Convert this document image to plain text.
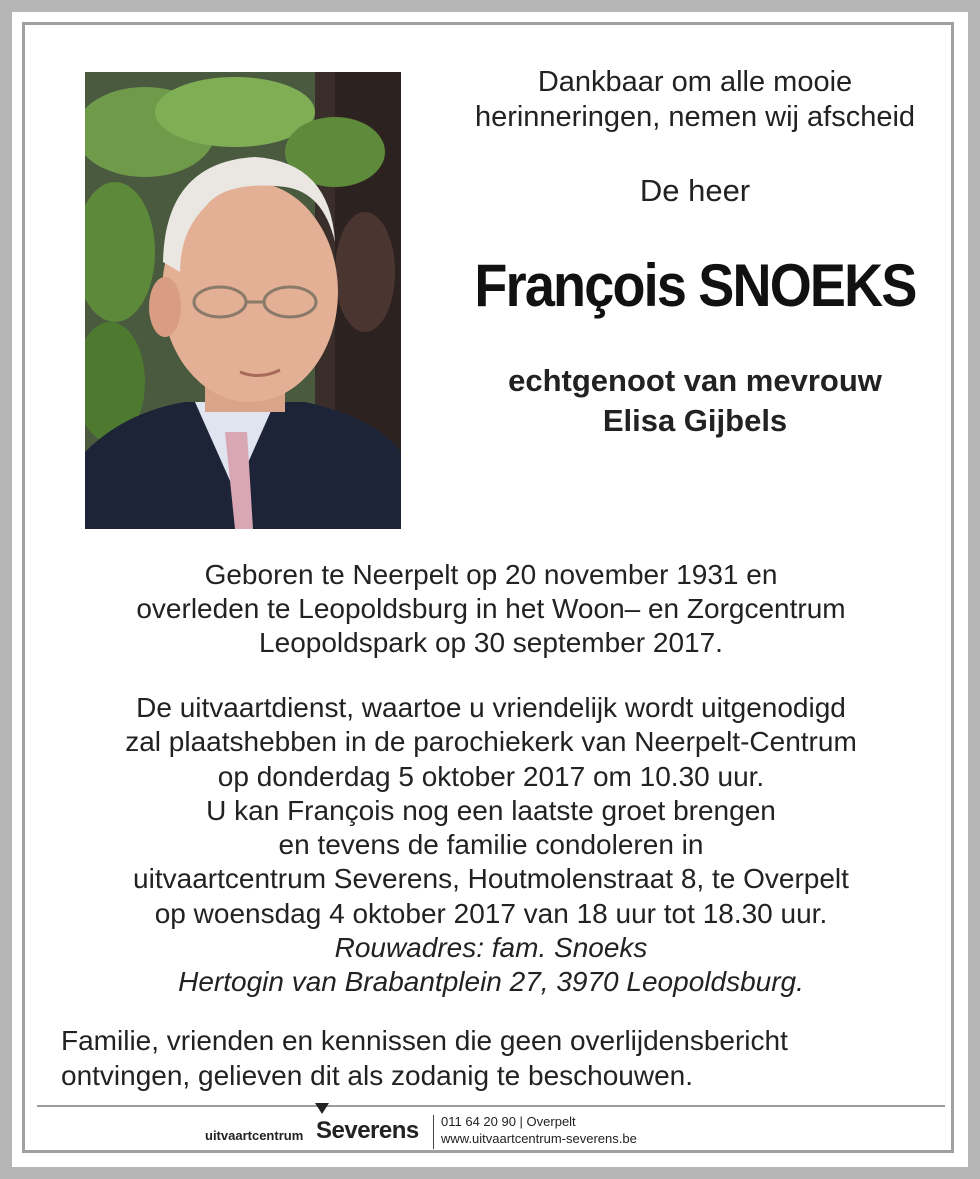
Dankbaar om alle mooie
herinneringen, nemen wij afscheid
De heer
François SNOEKS
echtgenoot van mevrouw
Elisa Gijbels
Geboren te Neerpelt op 20 november 1931 en
overleden te Leopoldsburg in het Woon– en Zorgcentrum
Leopoldspark op 30 september 2017.
De uitvaartdienst, waartoe u vriendelijk wordt uitgenodigd
zal plaatshebben in de parochiekerk van Neerpelt-Centrum
op donderdag 5 oktober 2017 om 10.30 uur.
U kan François nog een laatste groet brengen
en tevens de familie condoleren in
uitvaartcentrum Severens, Houtmolenstraat 8, te Overpelt
op woensdag 4 oktober 2017 van 18 uur tot 18.30 uur.
Rouwadres: fam. Snoeks
Hertogin van Brabantplein 27, 3970 Leopoldsburg.
Familie, vrienden en kennissen die geen overlijdensbericht
ontvingen, gelieven dit als zodanig te beschouwen.
uitvaartcentrum Severens 011 64 20 90 | Overpelt
www.uitvaartcentrum-severens.be
